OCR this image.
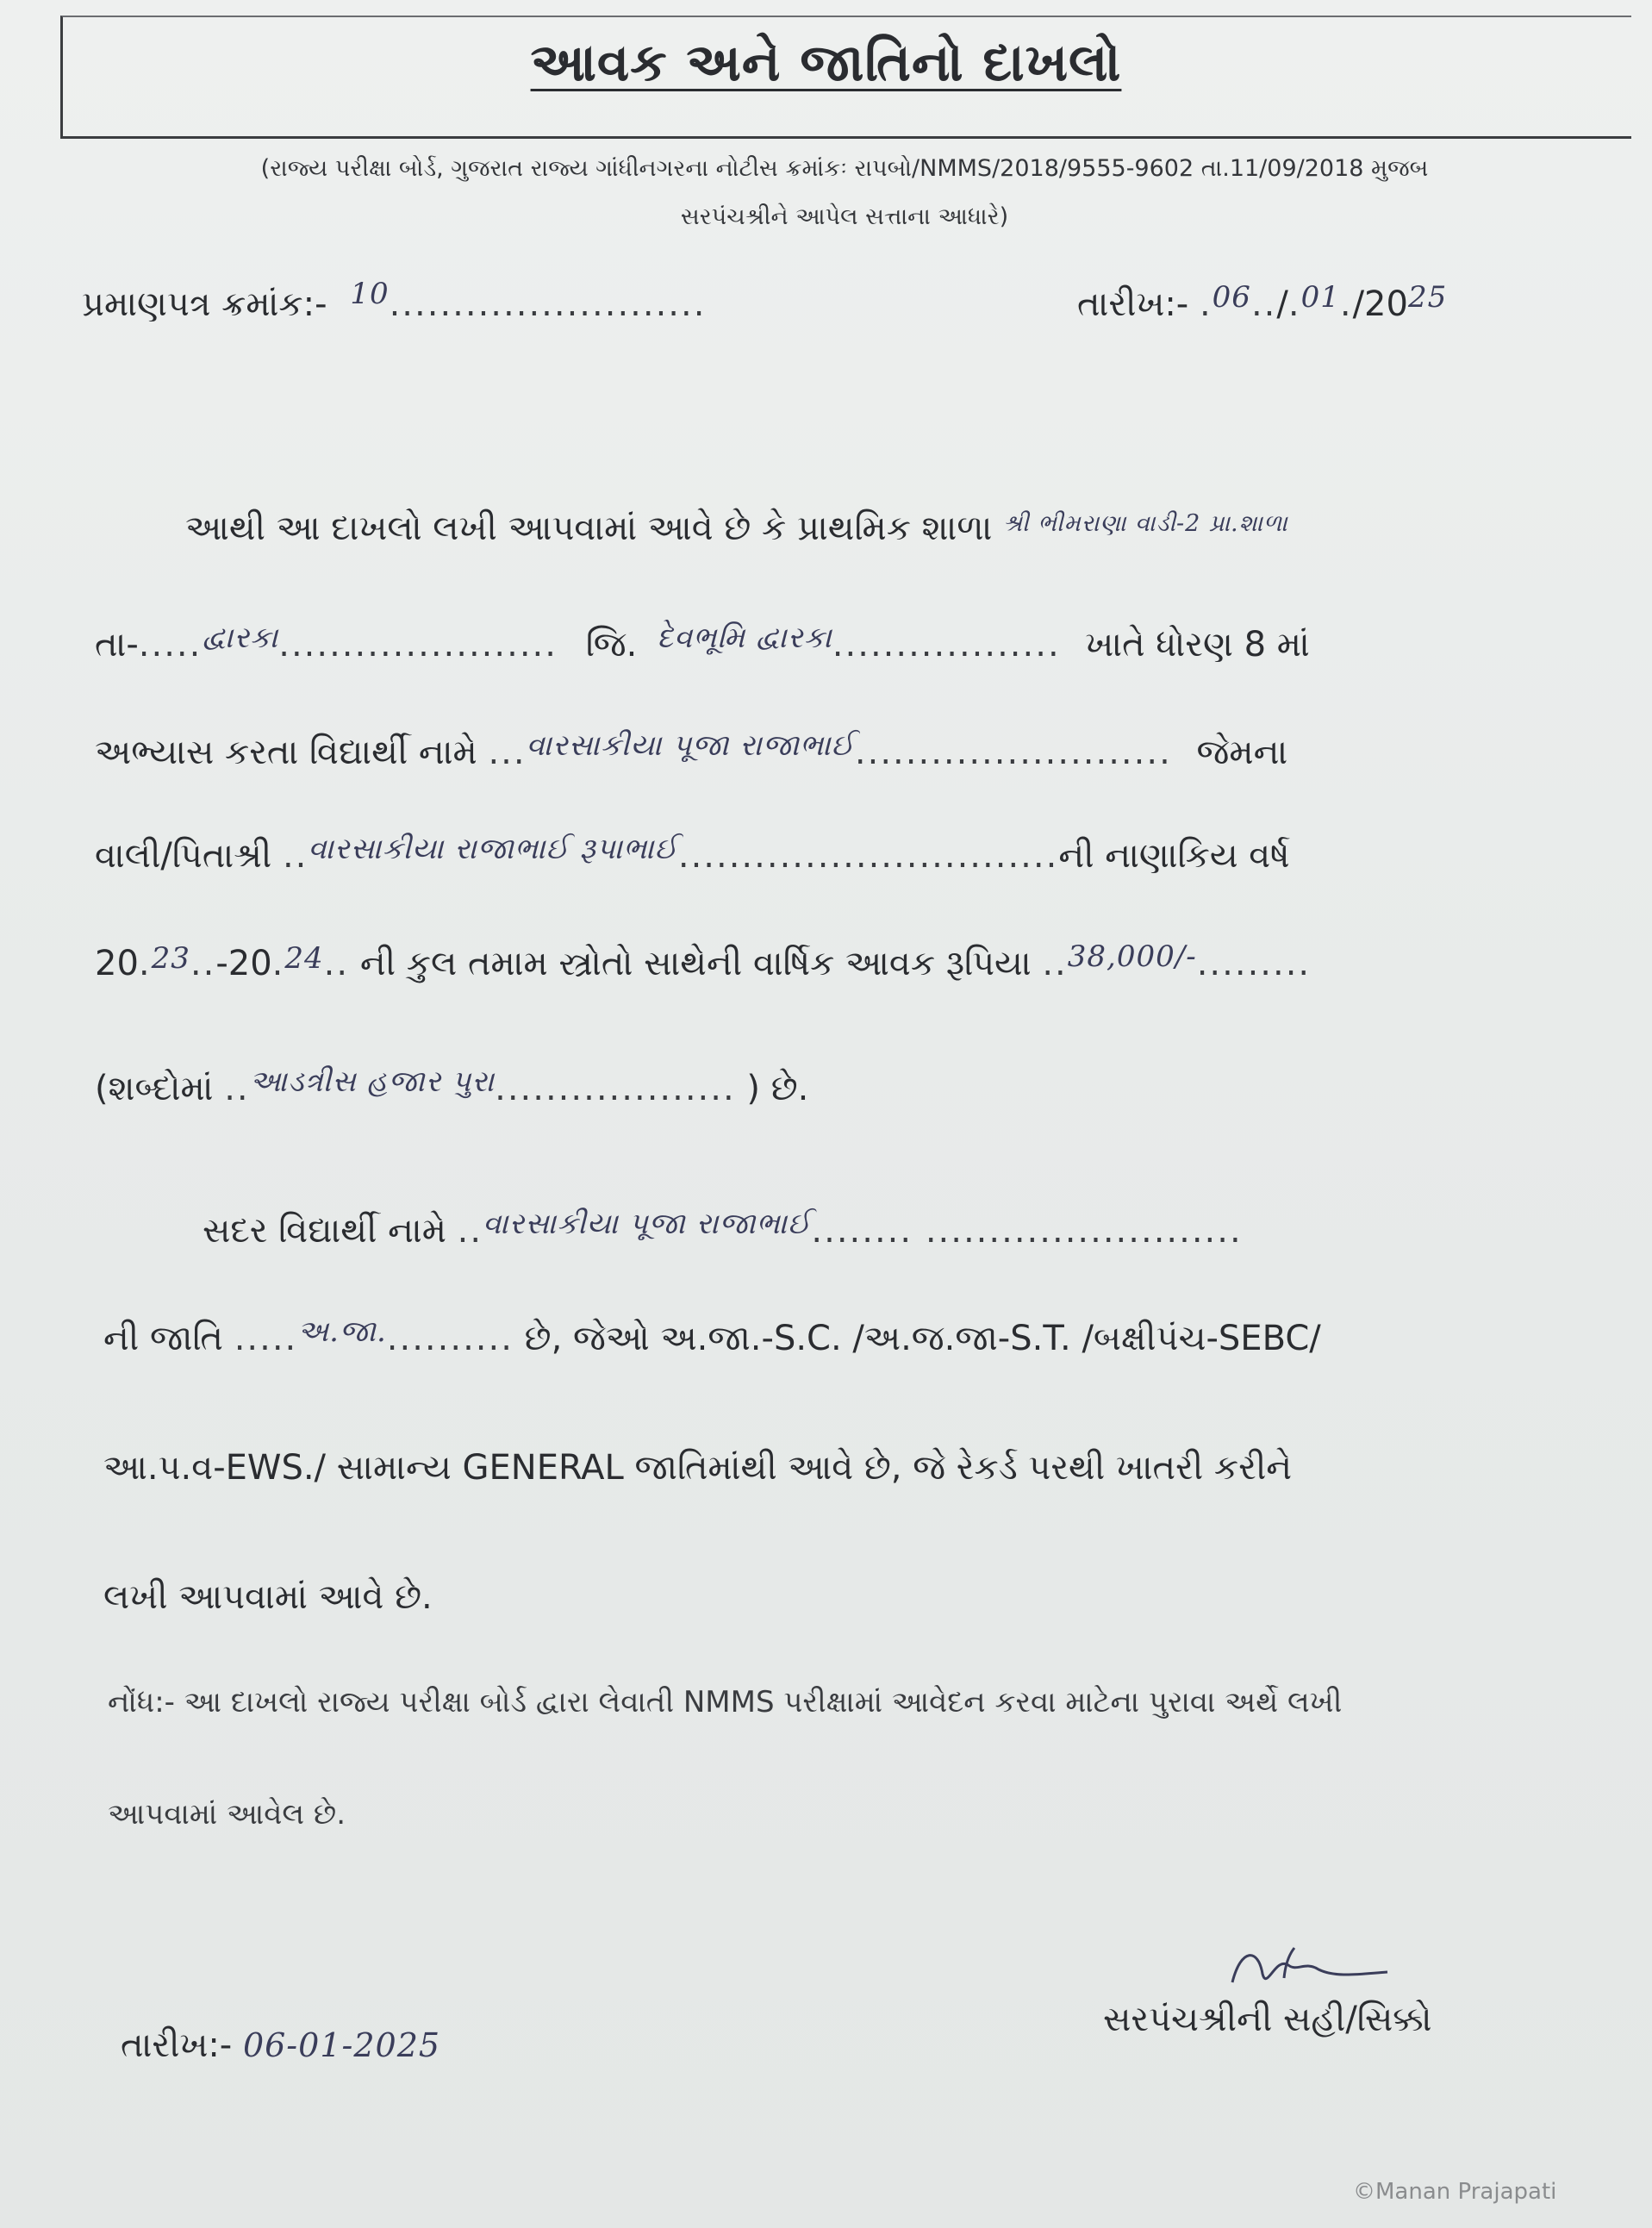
આવક અને જાતિનો દાખલો
(રાજ્ય પરીક્ષા બોર્ડ, ગુજરાત રાજ્ય ગાંધીનગરના નોટીસ ક્રમાંકઃ રાપબો/NMMS/2018/9555-9602 તા.11/09/2018 મુજબ
સરપંચશ્રીને આપેલ સત્તાના આધારે)
પ્રમાણપત્ર ક્રમાંક:- $^{10}$.........................	તારીખ:- $.^{06}../.^{01}./20^{25}$
આથી આ દાખલો લખી આપવામાં આવે છે કે પ્રાથમિક શાળા $^{શ્રી ભીમરાણા વાડી-2 પ્રા.શાળા}$
તા-.....$^{દ્વારકા}$...................... જિ. $^{દેવભૂમિ દ્વારકા}$.................. ખાતે ધોરણ 8 માં
અભ્યાસ કરતા વિદ્યાર્થી નામે ...$^{વારસાકીયા પૂજા રાજાભાઈ}$......................... જેમના
વાલી/પિતાશ્રી ..$^{વારસાકીયા રાજાભાઈ રૂપાભાઈ}$..............................ની નાણાકિય વર્ષ
20.23..-20.24.. ની કુલ તમામ સ્ત્રોતો સાથેની વાર્ષિક આવક રૂપિયા ..$^{38,000/-}$.........
(શબ્દોમાં ..$^{આડત્રીસ હજાર પુરા}$................... ) છે.
સદર વિદ્યાર્થી નામે ..$^{વારસાકીયા પૂજા રાજાભાઈ}$........ .........................
ની જાતિ .....$^{અ.જા.}$.......... છે, જેઓ અ.જા.-S.C. /અ.જ.જા-S.T. /બક્ષીપંચ-SEBC/
આ.પ.વ-EWS./ સામાન્ય GENERAL જાતિમાંથી આવે છે, જે રેકર્ડ પરથી ખાતરી કરીને
લખી આપવામાં આવે છે.
નોંધ:- આ દાખલો રાજ્ય પરીક્ષા બોર્ડ દ્વારા લેવાતી NMMS પરીક્ષામાં આવેદન કરવા માટેના પુરાવા અર્થે લખી
આપવામાં આવેલ છે.
તારીખ:- 06-01-2025
સરપંચશ્રીની સહી/સિક્કો
©Manan Prajapati
